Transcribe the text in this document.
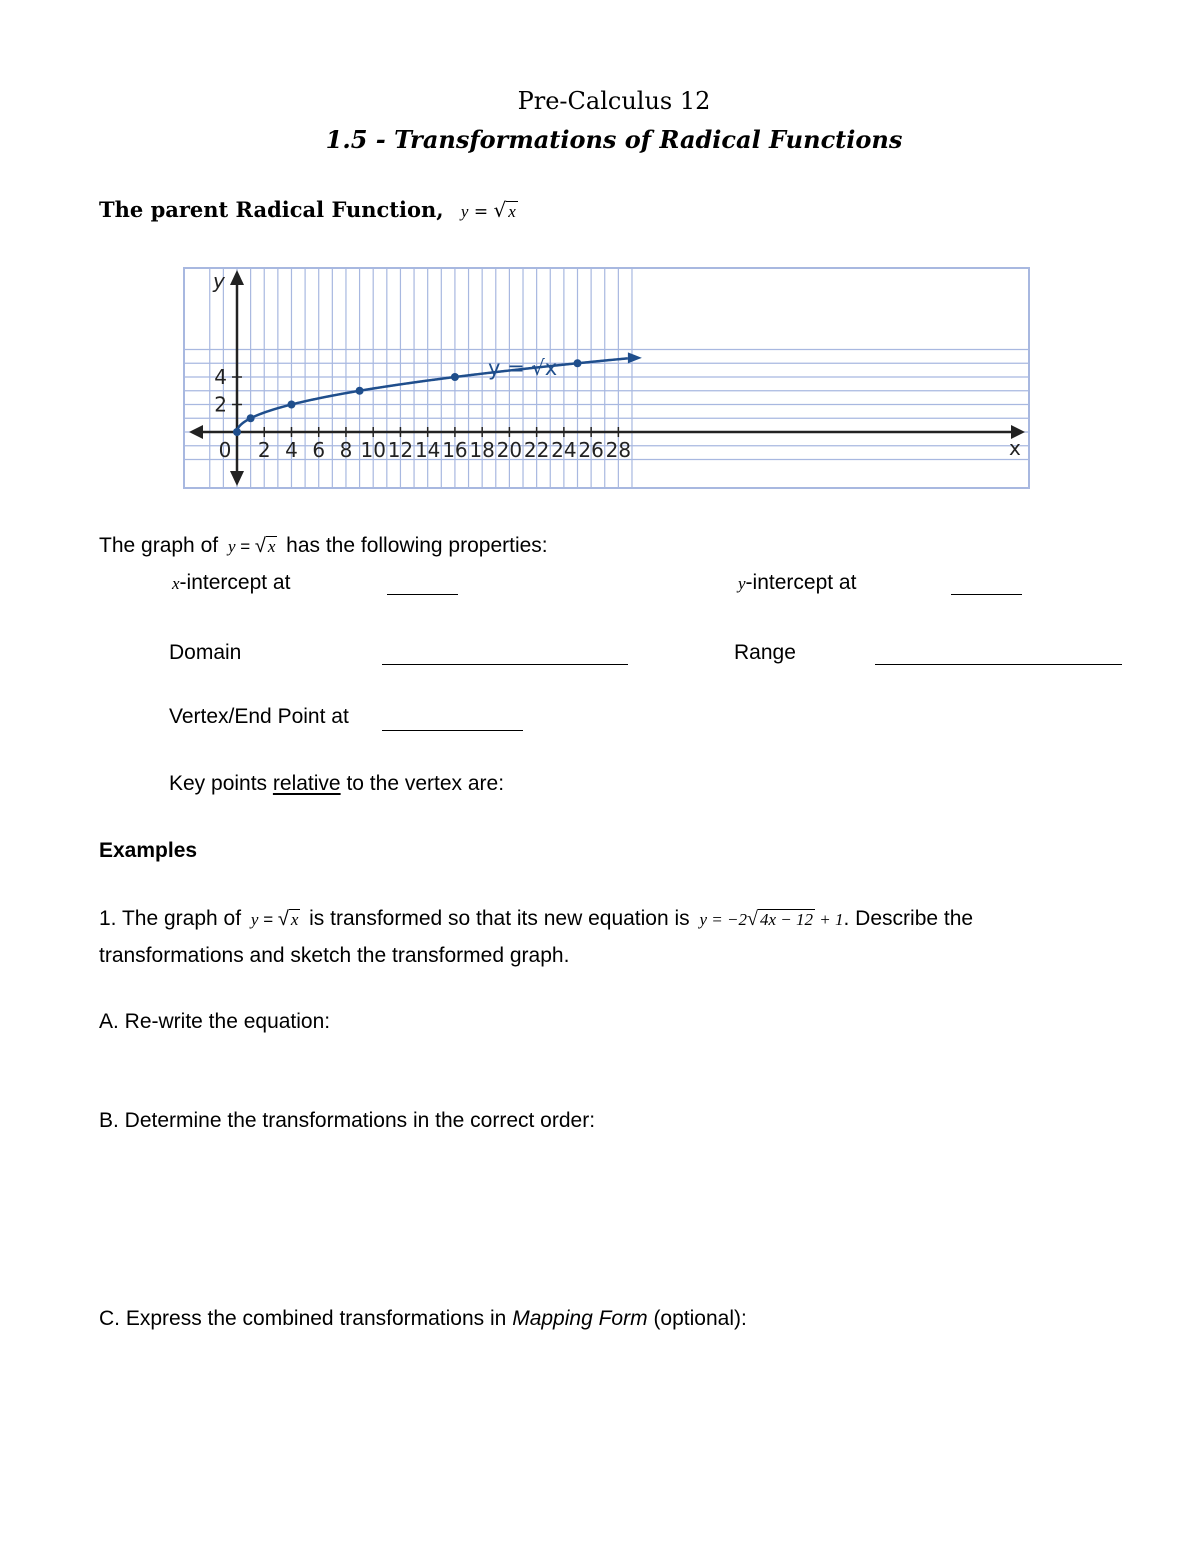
Pre-Calculus 12
1.5 - Transformations of Radical Functions
The parent Radical Function, y = √ x
0 2 4 6 8 10 12 14 16 18 20 22 24 26 28
2
4	y = √x
x
y
The graph of y = √ x has the following properties:
x-intercept at	y-intercept at
Domain	Range
Vertex/End Point at
Key points relative to the vertex are:
Examples
1. The graph of y = √ x is transformed so that its new equation is y = −2√ 4x − 12 + 1. Describe the
transformations and sketch the transformed graph.
A. Re-write the equation:
B. Determine the transformations in the correct order:
C. Express the combined transformations in Mapping Form (optional):
